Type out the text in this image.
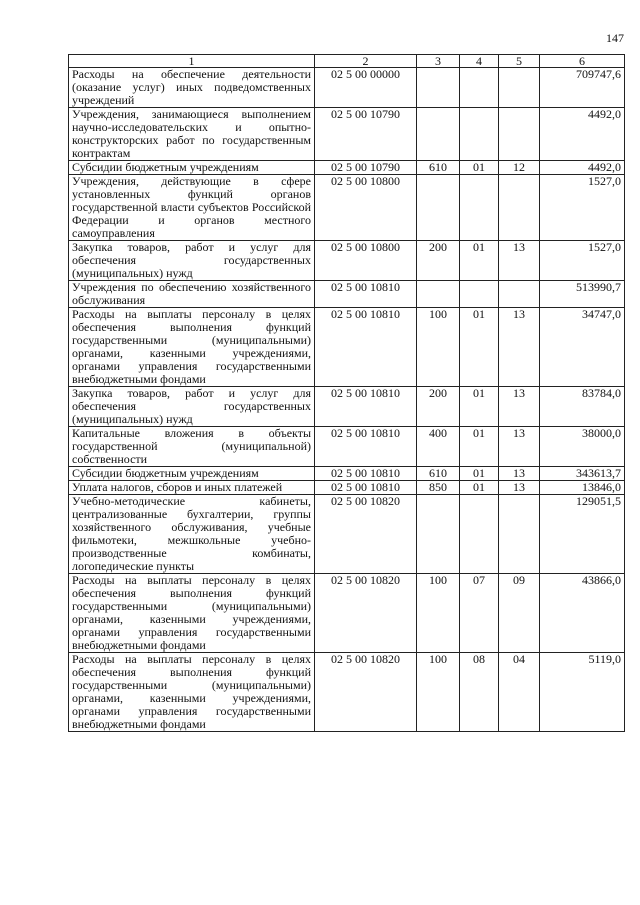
147
1	2	3	4	5	6
Расходы на обеспечение деятельности (оказание услуг) иных подведомственных учреждений	02 5 00 00000				709747,6
Учреждения, занимающиеся выполнением научно-исследовательских и опытно-конструкторских работ по государственным контрактам	02 5 00 10790				4492,0
Субсидии бюджетным учреждениям	02 5 00 10790	610	01	12	4492,0
Учреждения, действующие в сфере установленных функций органов государственной власти субъектов Российской Федерации и органов местного самоуправления	02 5 00 10800				1527,0
Закупка товаров, работ и услуг для обеспечения государственных (муниципальных) нужд	02 5 00 10800	200	01	13	1527,0
Учреждения по обеспечению хозяйственного обслуживания	02 5 00 10810				513990,7
Расходы на выплаты персоналу в целях обеспечения выполнения функций государственными (муниципальными) органами, казенными учреждениями, органами управления государственными внебюджетными фондами	02 5 00 10810	100	01	13	34747,0
Закупка товаров, работ и услуг для обеспечения государственных (муниципальных) нужд	02 5 00 10810	200	01	13	83784,0
Капитальные вложения в объекты государственной (муниципальной) собственности	02 5 00 10810	400	01	13	38000,0
Субсидии бюджетным учреждениям	02 5 00 10810	610	01	13	343613,7
Уплата налогов, сборов и иных платежей	02 5 00 10810	850	01	13	13846,0
Учебно-методические кабинеты, централизованные бухгалтерии, группы хозяйственного обслуживания, учебные фильмотеки, межшкольные учебно-производственные комбинаты, логопедические пункты	02 5 00 10820				129051,5
Расходы на выплаты персоналу в целях обеспечения выполнения функций государственными (муниципальными) органами, казенными учреждениями, органами управления государственными внебюджетными фондами	02 5 00 10820	100	07	09	43866,0
Расходы на выплаты персоналу в целях обеспечения выполнения функций государственными (муниципальными) органами, казенными учреждениями, органами управления государственными внебюджетными фондами	02 5 00 10820	100	08	04	5119,0
